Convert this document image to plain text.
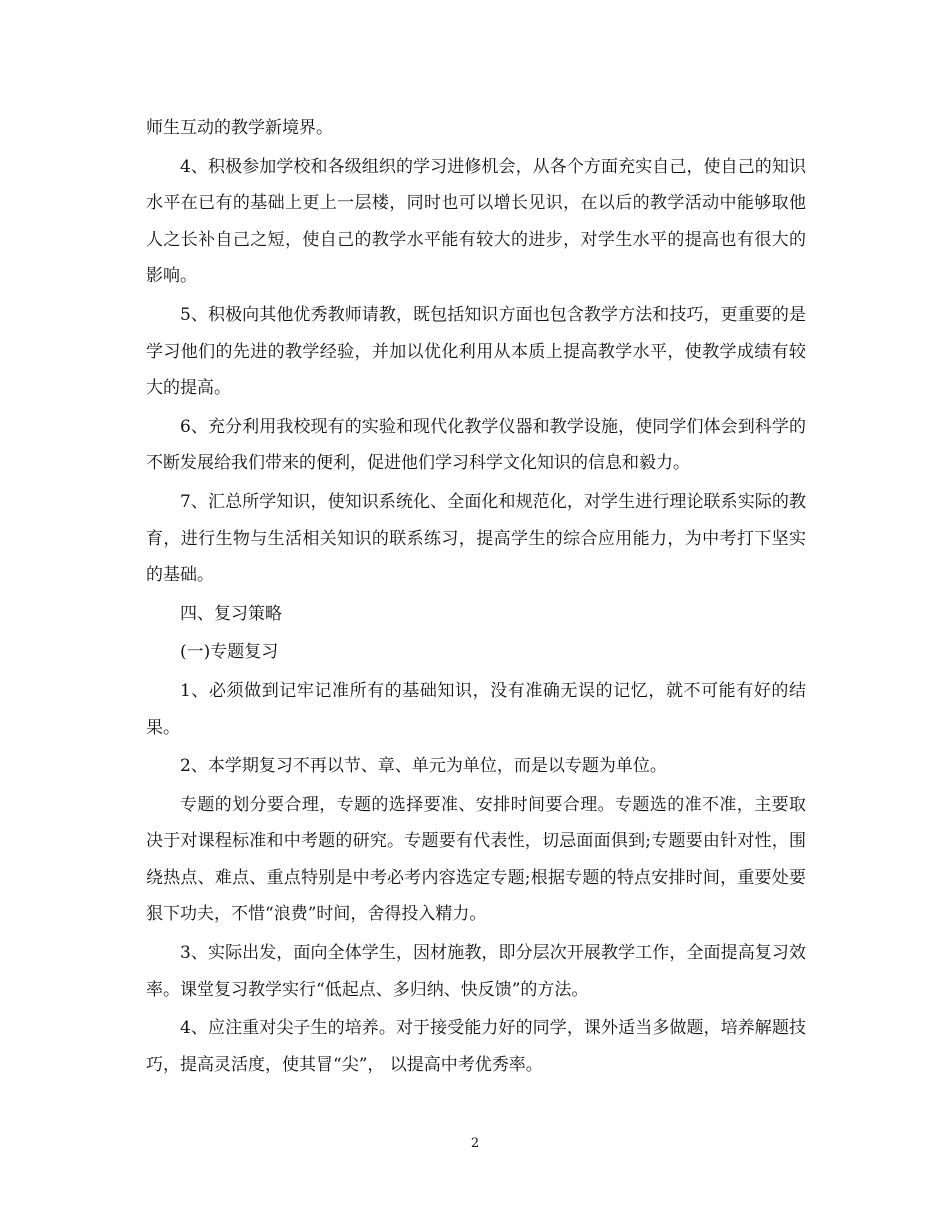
师生互动的教学新境界。

4、积极参加学校和各级组织的学习进修机会，从各个方面充实自己，使自己的知识水平在已有的基础上更上一层楼，同时也可以增长见识，在以后的教学活动中能够取他人之长补自己之短，使自己的教学水平能有较大的进步，对学生水平的提高也有很大的影响。

5、积极向其他优秀教师请教，既包括知识方面也包含教学方法和技巧，更重要的是学习他们的先进的教学经验，并加以优化利用从本质上提高教学水平，使教学成绩有较大的提高。

6、充分利用我校现有的实验和现代化教学仪器和教学设施，使同学们体会到科学的不断发展给我们带来的便利，促进他们学习科学文化知识的信息和毅力。

7、汇总所学知识，使知识系统化、全面化和规范化，对学生进行理论联系实际的教育，进行生物与生活相关知识的联系练习，提高学生的综合应用能力，为中考打下坚实的基础。

四、复习策略

(一)专题复习

1、必须做到记牢记准所有的基础知识，没有准确无误的记忆，就不可能有好的结果。

2、本学期复习不再以节、章、单元为单位，而是以专题为单位。

专题的划分要合理，专题的选择要准、安排时间要合理。专题选的准不准，主要取决于对课程标准和中考题的研究。专题要有代表性，切忌面面俱到;专题要由针对性，围绕热点、难点、重点特别是中考必考内容选定专题;根据专题的特点安排时间，重要处要狠下功夫，不惜“浪费”时间，舍得投入精力。

3、实际出发，面向全体学生，因材施教，即分层次开展教学工作，全面提高复习效率。课堂复习教学实行“低起点、多归纳、快反馈”的方法。

4、应注重对尖子生的培养。对于接受能力好的同学，课外适当多做题，培养解题技巧，提高灵活度，使其冒“尖”， 以提高中考优秀率。

2
